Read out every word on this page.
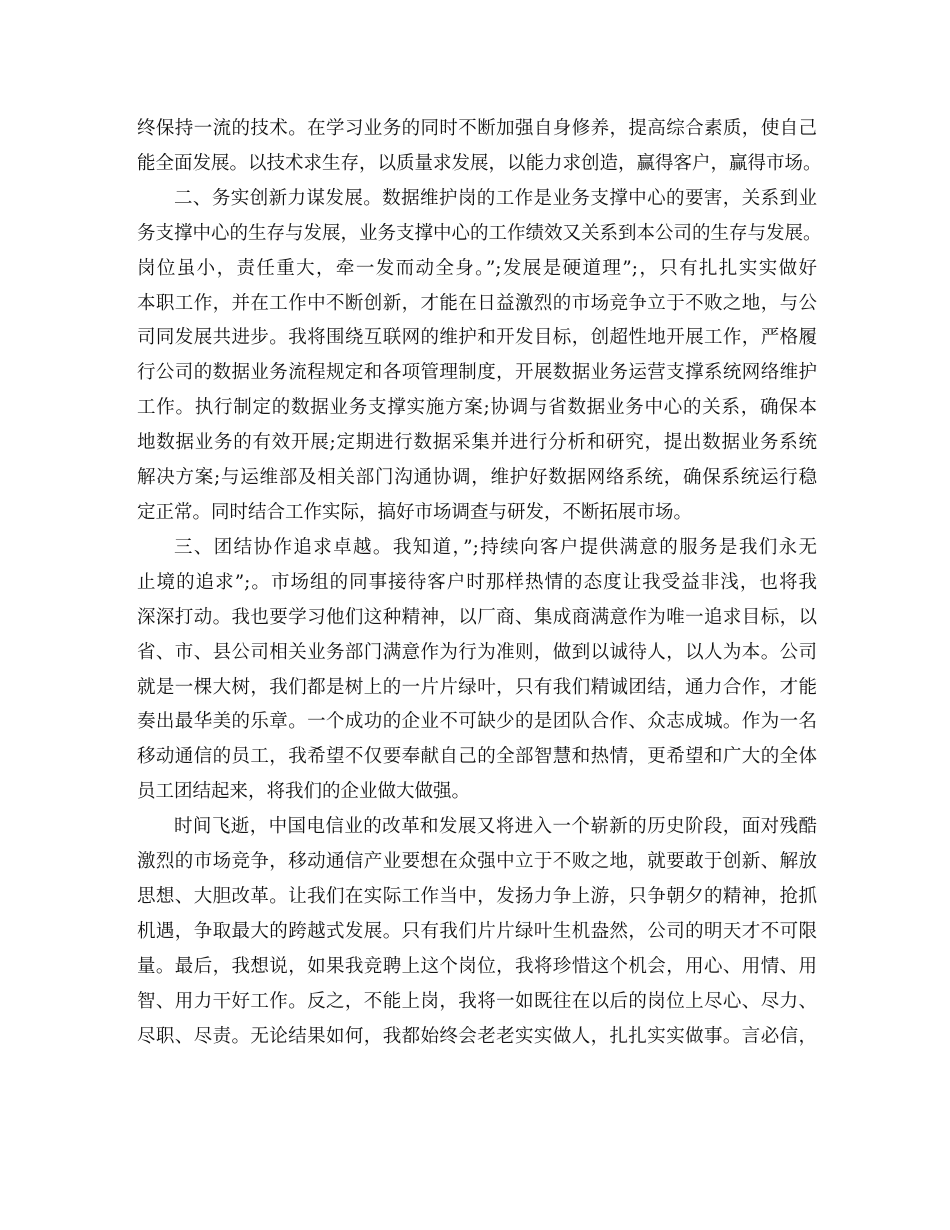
终保持一流的技术。在学习业务的同时不断加强自身修养，提高综合素质，使自己
能全面发展。以技术求生存，以质量求发展，以能力求创造，赢得客户，赢得市场。
二、务实创新力谋发展。数据维护岗的工作是业务支撑中心的要害，关系到业
务支撑中心的生存与发展，业务支撑中心的工作绩效又关系到本公司的生存与发展。
岗位虽小，责任重大，牵一发而动全身。”;发展是硬道理”;，只有扎扎实实做好
本职工作，并在工作中不断创新，才能在日益激烈的市场竞争立于不败之地，与公
司同发展共进步。我将围绕互联网的维护和开发目标，创超性地开展工作，严格履
行公司的数据业务流程规定和各项管理制度，开展数据业务运营支撑系统网络维护
工作。执行制定的数据业务支撑实施方案;协调与省数据业务中心的关系，确保本
地数据业务的有效开展;定期进行数据采集并进行分析和研究，提出数据业务系统
解决方案;与运维部及相关部门沟通协调，维护好数据网络系统，确保系统运行稳
定正常。同时结合工作实际，搞好市场调查与研发，不断拓展市场。
三、团结协作追求卓越。我知道，”;持续向客户提供满意的服务是我们永无
止境的追求”;。市场组的同事接待客户时那样热情的态度让我受益非浅，也将我
深深打动。我也要学习他们这种精神，以厂商、集成商满意作为唯一追求目标，以
省、市、县公司相关业务部门满意作为行为准则，做到以诚待人，以人为本。公司
就是一棵大树，我们都是树上的一片片绿叶，只有我们精诚团结，通力合作，才能
奏出最华美的乐章。一个成功的企业不可缺少的是团队合作、众志成城。作为一名
移动通信的员工，我希望不仅要奉献自己的全部智慧和热情，更希望和广大的全体
员工团结起来，将我们的企业做大做强。
时间飞逝，中国电信业的改革和发展又将进入一个崭新的历史阶段，面对残酷
激烈的市场竞争，移动通信产业要想在众强中立于不败之地，就要敢于创新、解放
思想、大胆改革。让我们在实际工作当中，发扬力争上游，只争朝夕的精神，抢抓
机遇，争取最大的跨越式发展。只有我们片片绿叶生机盎然，公司的明天才不可限
量。最后，我想说，如果我竞聘上这个岗位，我将珍惜这个机会，用心、用情、用
智、用力干好工作。反之，不能上岗，我将一如既往在以后的岗位上尽心、尽力、
尽职、尽责。无论结果如何，我都始终会老老实实做人，扎扎实实做事。言必信，
